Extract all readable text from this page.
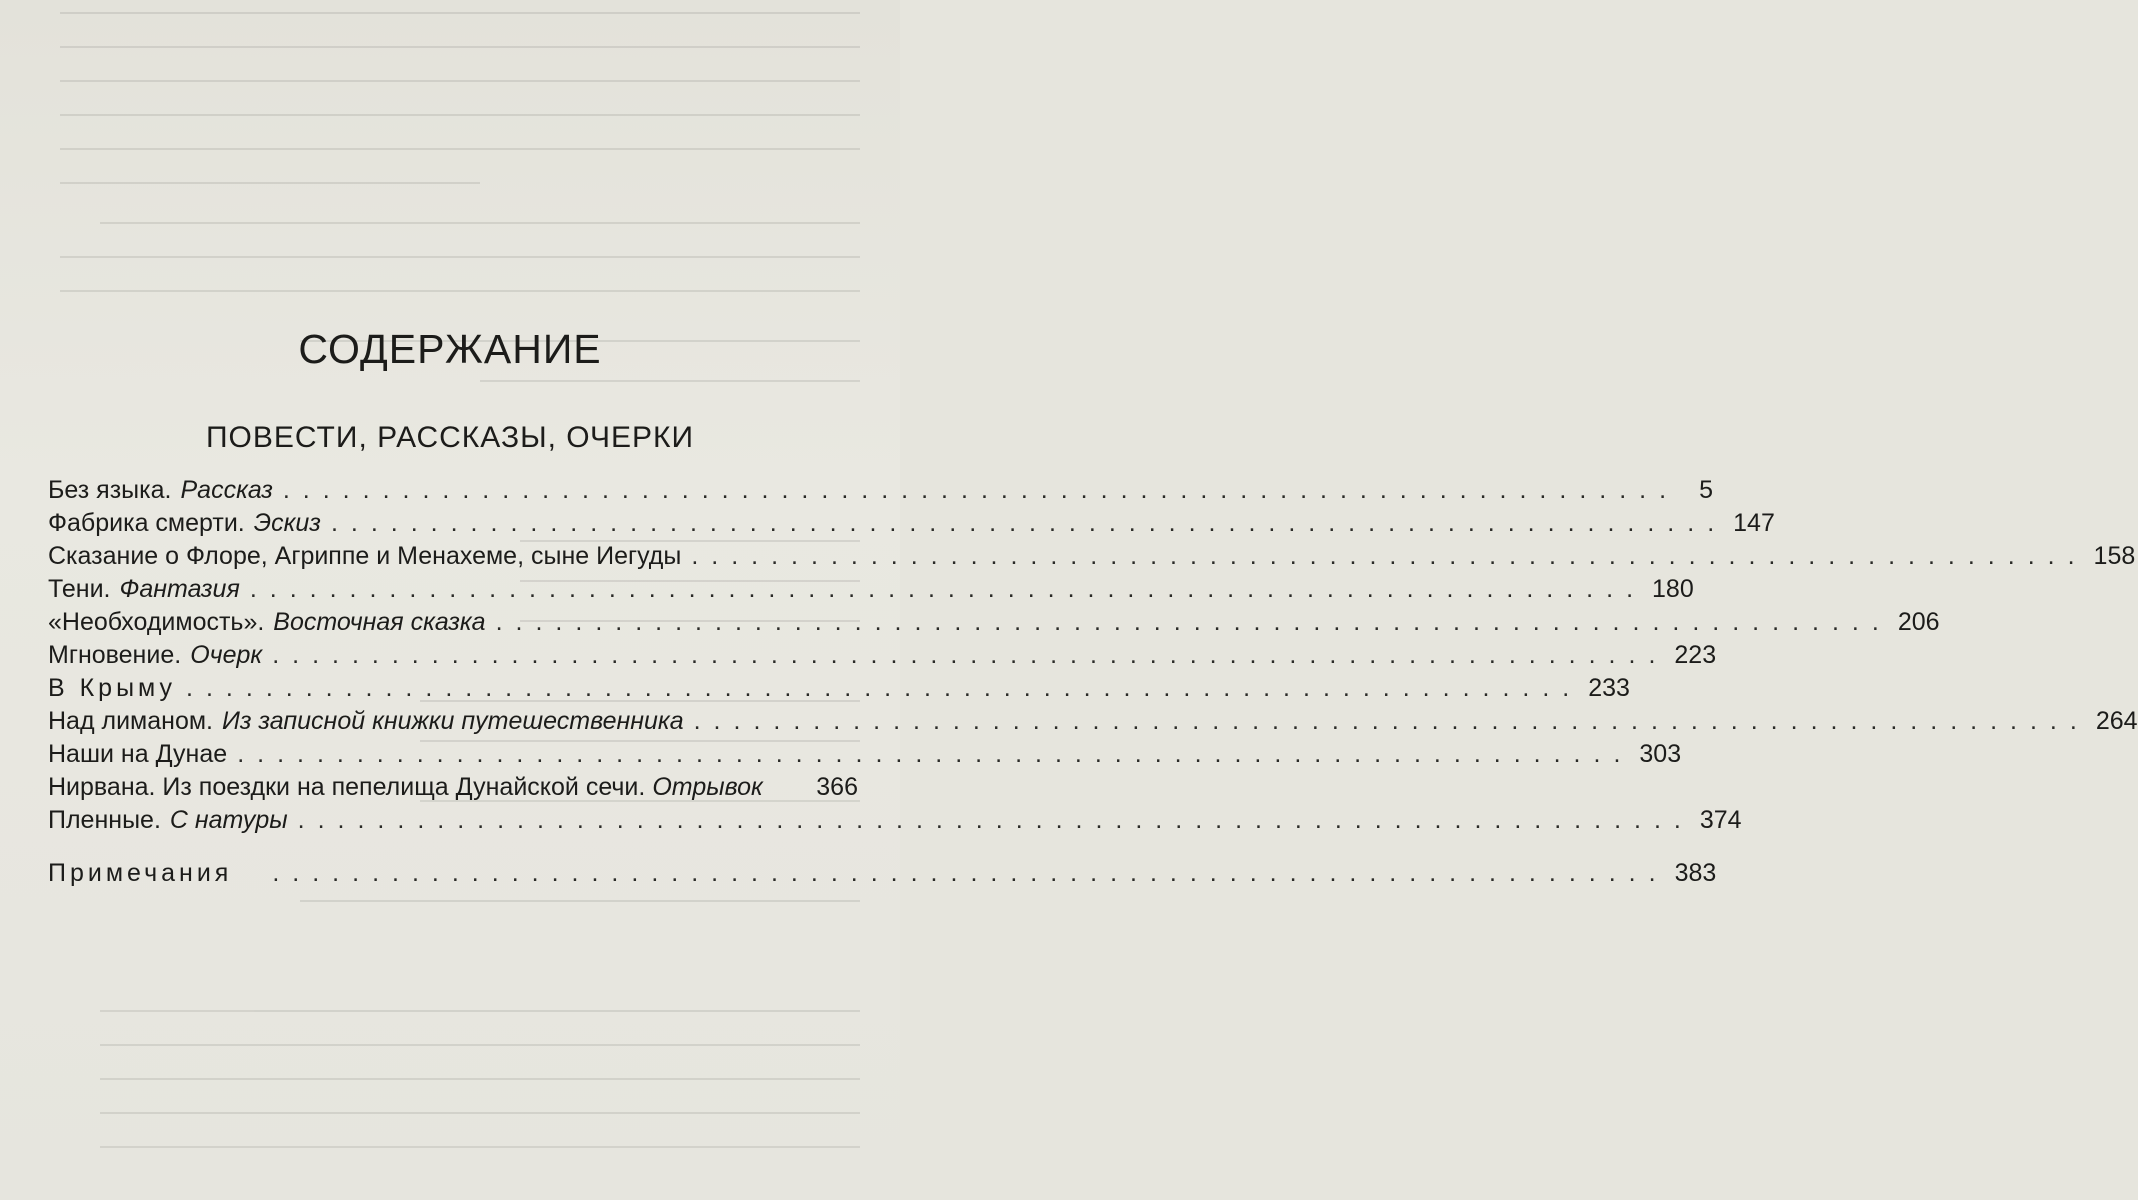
СОДЕРЖАНИЕ
ПОВЕСТИ, РАССКАЗЫ, ОЧЕРКИ
Без языка. Рассказ ...................................................................... 5
Фабрика смерти. Эскиз ...................................................................... 147
Сказание о Флоре, Агриппе и Менахеме, сыне Иегуды ...................................................................... 158
Тени. Фантазия ...................................................................... 180
«Необходимость». Восточная сказка ...................................................................... 206
Мгновение. Очерк ...................................................................... 223
В Крыму ...................................................................... 233
Над лиманом. Из записной книжки путешественника ...................................................................... 264
Наши на Дунае ...................................................................... 303
Нирвана. Из поездки на пепелища Дунайской сечи. Отрывок 366
Пленные. С натуры ...................................................................... 374
Примечания	...................................................................... 383
